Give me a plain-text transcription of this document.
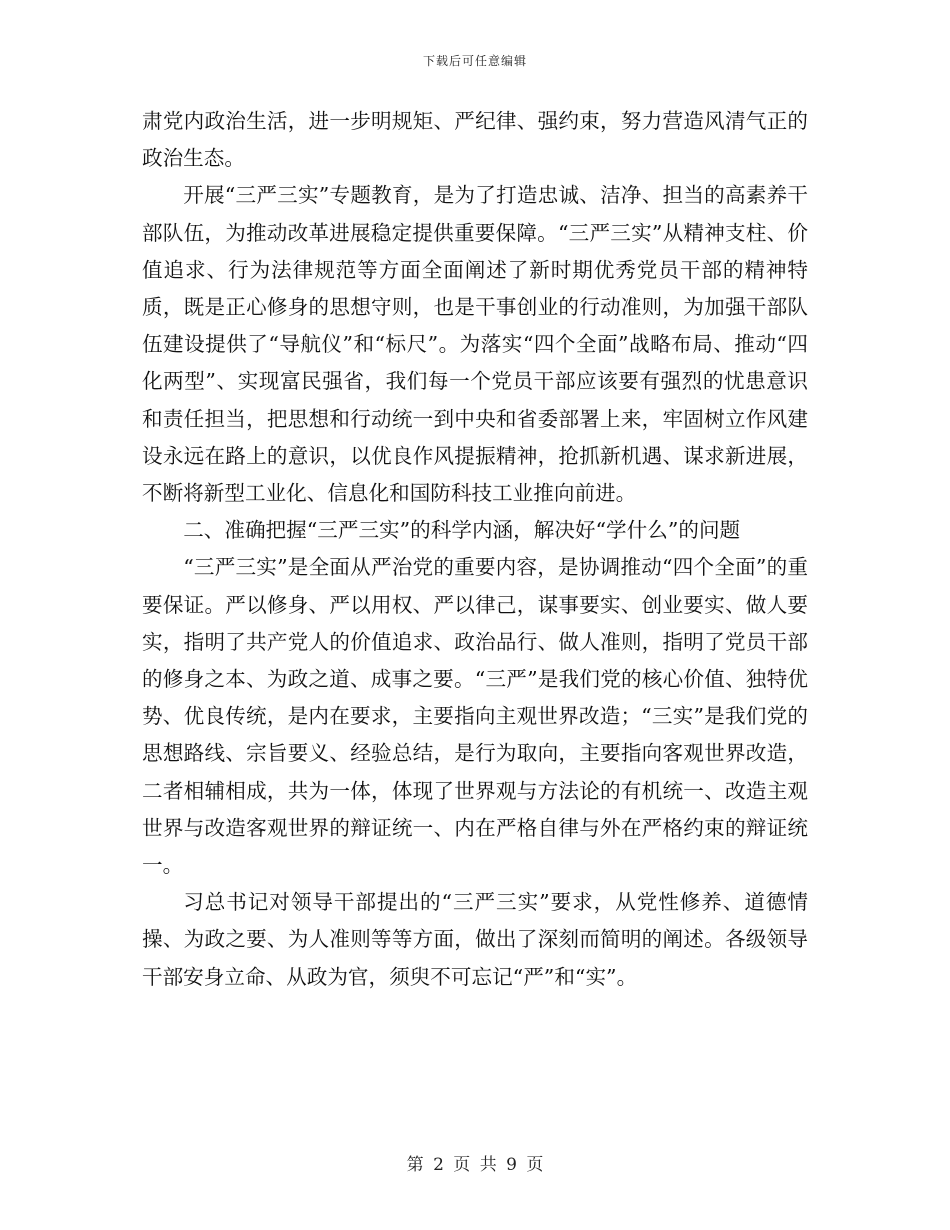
下载后可任意编辑

肃党内政治生活，进一步明规矩、严纪律、强约束，努力营造风清气正的政治生态。

开展“三严三实”专题教育，是为了打造忠诚、洁净、担当的高素养干部队伍，为推动改革进展稳定提供重要保障。“三严三实”从精神支柱、价值追求、行为法律规范等方面全面阐述了新时期优秀党员干部的精神特质，既是正心修身的思想守则，也是干事创业的行动准则，为加强干部队伍建设提供了“导航仪”和“标尺”。为落实“四个全面”战略布局、推动“四化两型”、实现富民强省，我们每一个党员干部应该要有强烈的忧患意识和责任担当，把思想和行动统一到中央和省委部署上来，牢固树立作风建设永远在路上的意识，以优良作风提振精神，抢抓新机遇、谋求新进展，不断将新型工业化、信息化和国防科技工业推向前进。

二、准确把握“三严三实”的科学内涵，解决好“学什么”的问题

“三严三实”是全面从严治党的重要内容，是协调推动“四个全面”的重要保证。严以修身、严以用权、严以律己，谋事要实、创业要实、做人要实，指明了共产党人的价值追求、政治品行、做人准则，指明了党员干部的修身之本、为政之道、成事之要。“三严”是我们党的核心价值、独特优势、优良传统，是内在要求，主要指向主观世界改造；“三实”是我们党的思想路线、宗旨要义、经验总结，是行为取向，主要指向客观世界改造，二者相辅相成，共为一体，体现了世界观与方法论的有机统一、改造主观世界与改造客观世界的辩证统一、内在严格自律与外在严格约束的辩证统一。

习总书记对领导干部提出的“三严三实”要求，从党性修养、道德情操、为政之要、为人准则等等方面，做出了深刻而简明的阐述。各级领导干部安身立命、从政为官，须臾不可忘记“严”和“实”。

第 2 页 共 9 页
